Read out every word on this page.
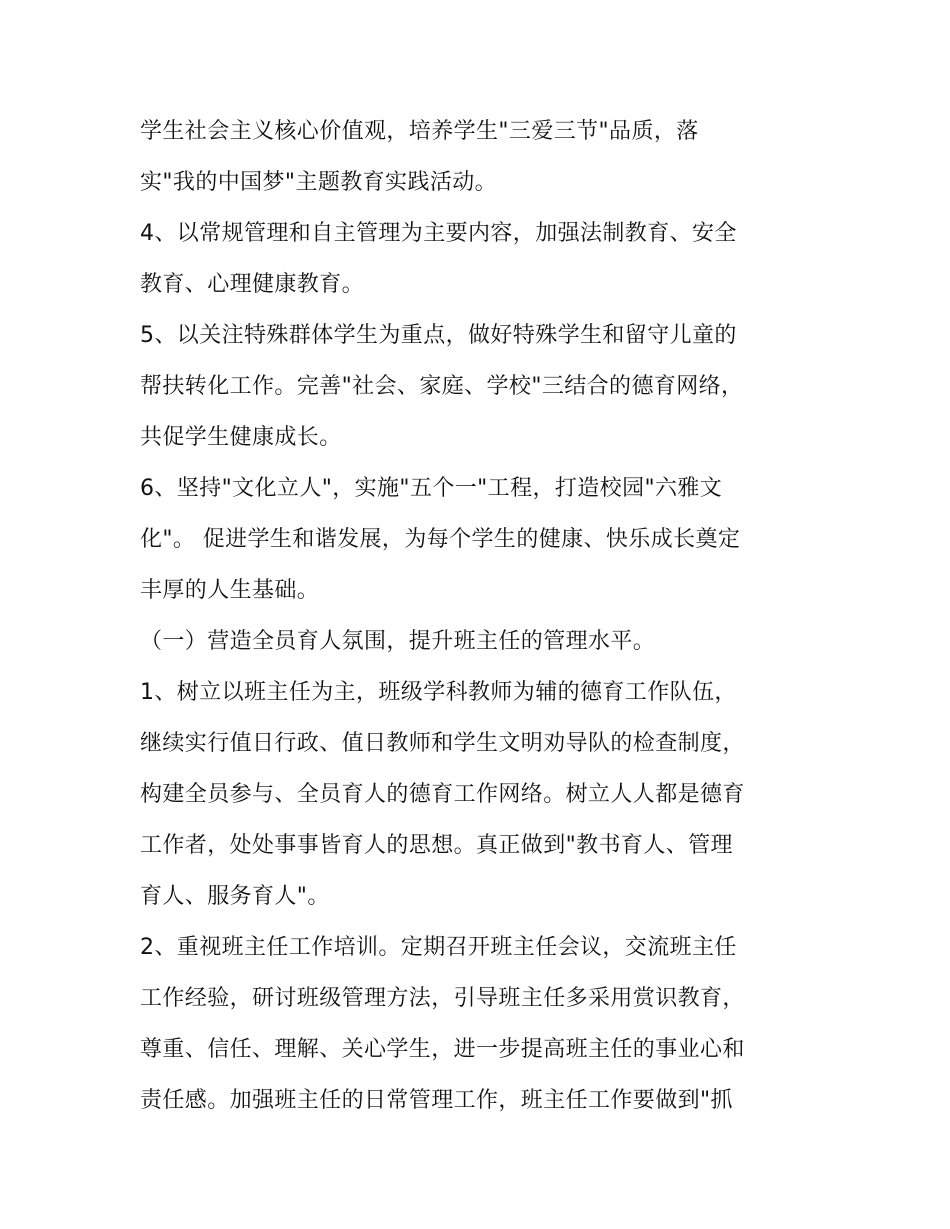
学生社会主义核心价值观，培养学生"三爱三节"品质，落
实"我的中国梦"主题教育实践活动。
4、以常规管理和自主管理为主要内容，加强法制教育、安全
教育、心理健康教育。
5、以关注特殊群体学生为重点，做好特殊学生和留守儿童的
帮扶转化工作。完善"社会、家庭、学校"三结合的德育网络，
共促学生健康成长。
6、坚持"文化立人"，实施"五个一"工程，打造校园"六雅文
化"。 促进学生和谐发展，为每个学生的健康、快乐成长奠定
丰厚的人生基础。
（一）营造全员育人氛围，提升班主任的管理水平。
1、树立以班主任为主，班级学科教师为辅的德育工作队伍，
继续实行值日行政、值日教师和学生文明劝导队的检查制度，
构建全员参与、全员育人的德育工作网络。树立人人都是德育
工作者，处处事事皆育人的思想。真正做到"教书育人、管理
育人、服务育人"。
2、重视班主任工作培训。定期召开班主任会议，交流班主任
工作经验，研讨班级管理方法，引导班主任多采用赏识教育，
尊重、信任、理解、关心学生，进一步提高班主任的事业心和
责任感。加强班主任的日常管理工作，班主任工作要做到"抓
